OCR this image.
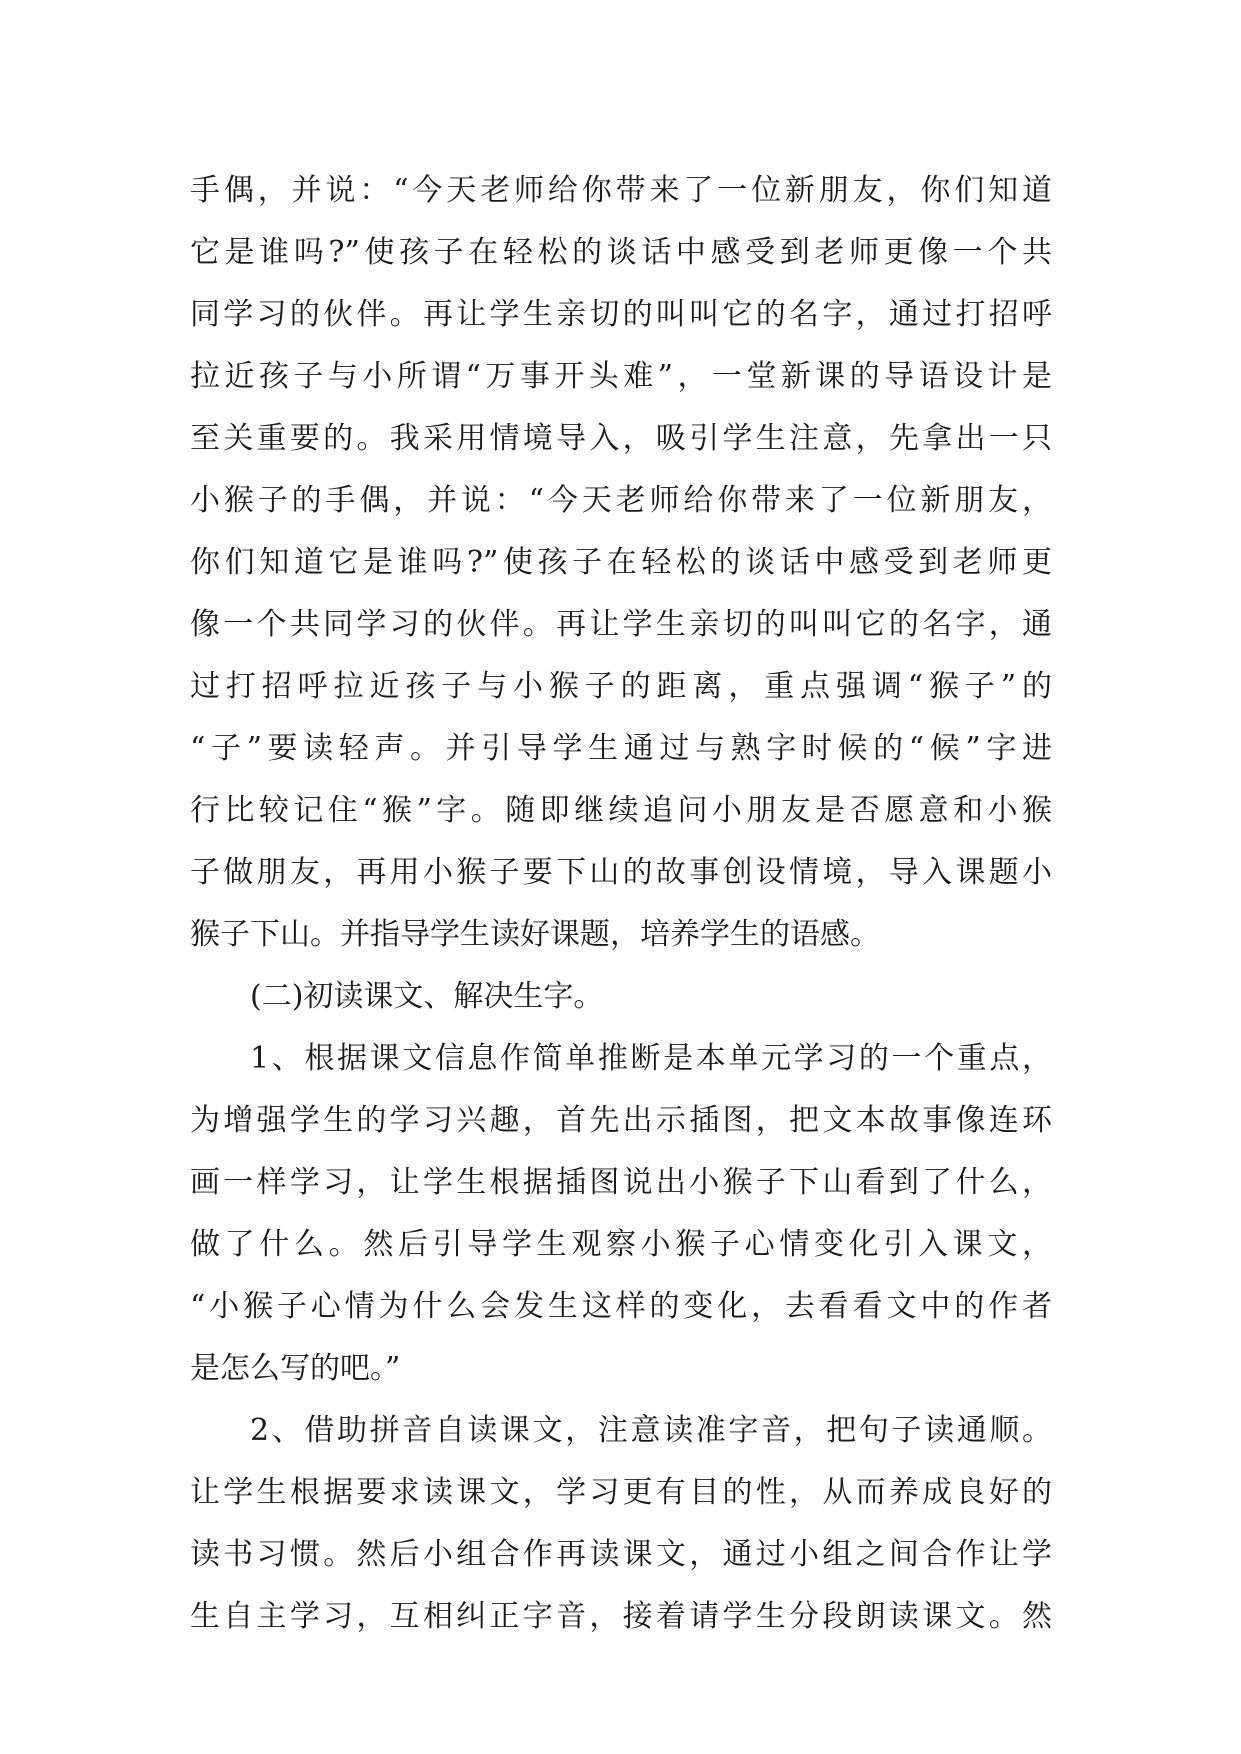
手偶，并说：“今天老师给你带来了一位新朋友，你们知道
它是谁吗?”使孩子在轻松的谈话中感受到老师更像一个共
同学习的伙伴。再让学生亲切的叫叫它的名字，通过打招呼
拉近孩子与小所谓“万事开头难”，一堂新课的导语设计是
至关重要的。我采用情境导入，吸引学生注意，先拿出一只
小猴子的手偶，并说：“今天老师给你带来了一位新朋友，
你们知道它是谁吗?”使孩子在轻松的谈话中感受到老师更
像一个共同学习的伙伴。再让学生亲切的叫叫它的名字，通
过打招呼拉近孩子与小猴子的距离，重点强调“猴子”的
“子”要读轻声。并引导学生通过与熟字时候的“候”字进
行比较记住“猴”字。随即继续追问小朋友是否愿意和小猴
子做朋友，再用小猴子要下山的故事创设情境，导入课题小
猴子下山。并指导学生读好课题，培养学生的语感。
(二)初读课文、解决生字。
1、根据课文信息作简单推断是本单元学习的一个重点，
为增强学生的学习兴趣，首先出示插图，把文本故事像连环
画一样学习，让学生根据插图说出小猴子下山看到了什么，
做了什么。然后引导学生观察小猴子心情变化引入课文，
“小猴子心情为什么会发生这样的变化，去看看文中的作者
是怎么写的吧。”
2、借助拼音自读课文，注意读准字音，把句子读通顺。
让学生根据要求读课文，学习更有目的性，从而养成良好的
读书习惯。然后小组合作再读课文，通过小组之间合作让学
生自主学习，互相纠正字音，接着请学生分段朗读课文。然
